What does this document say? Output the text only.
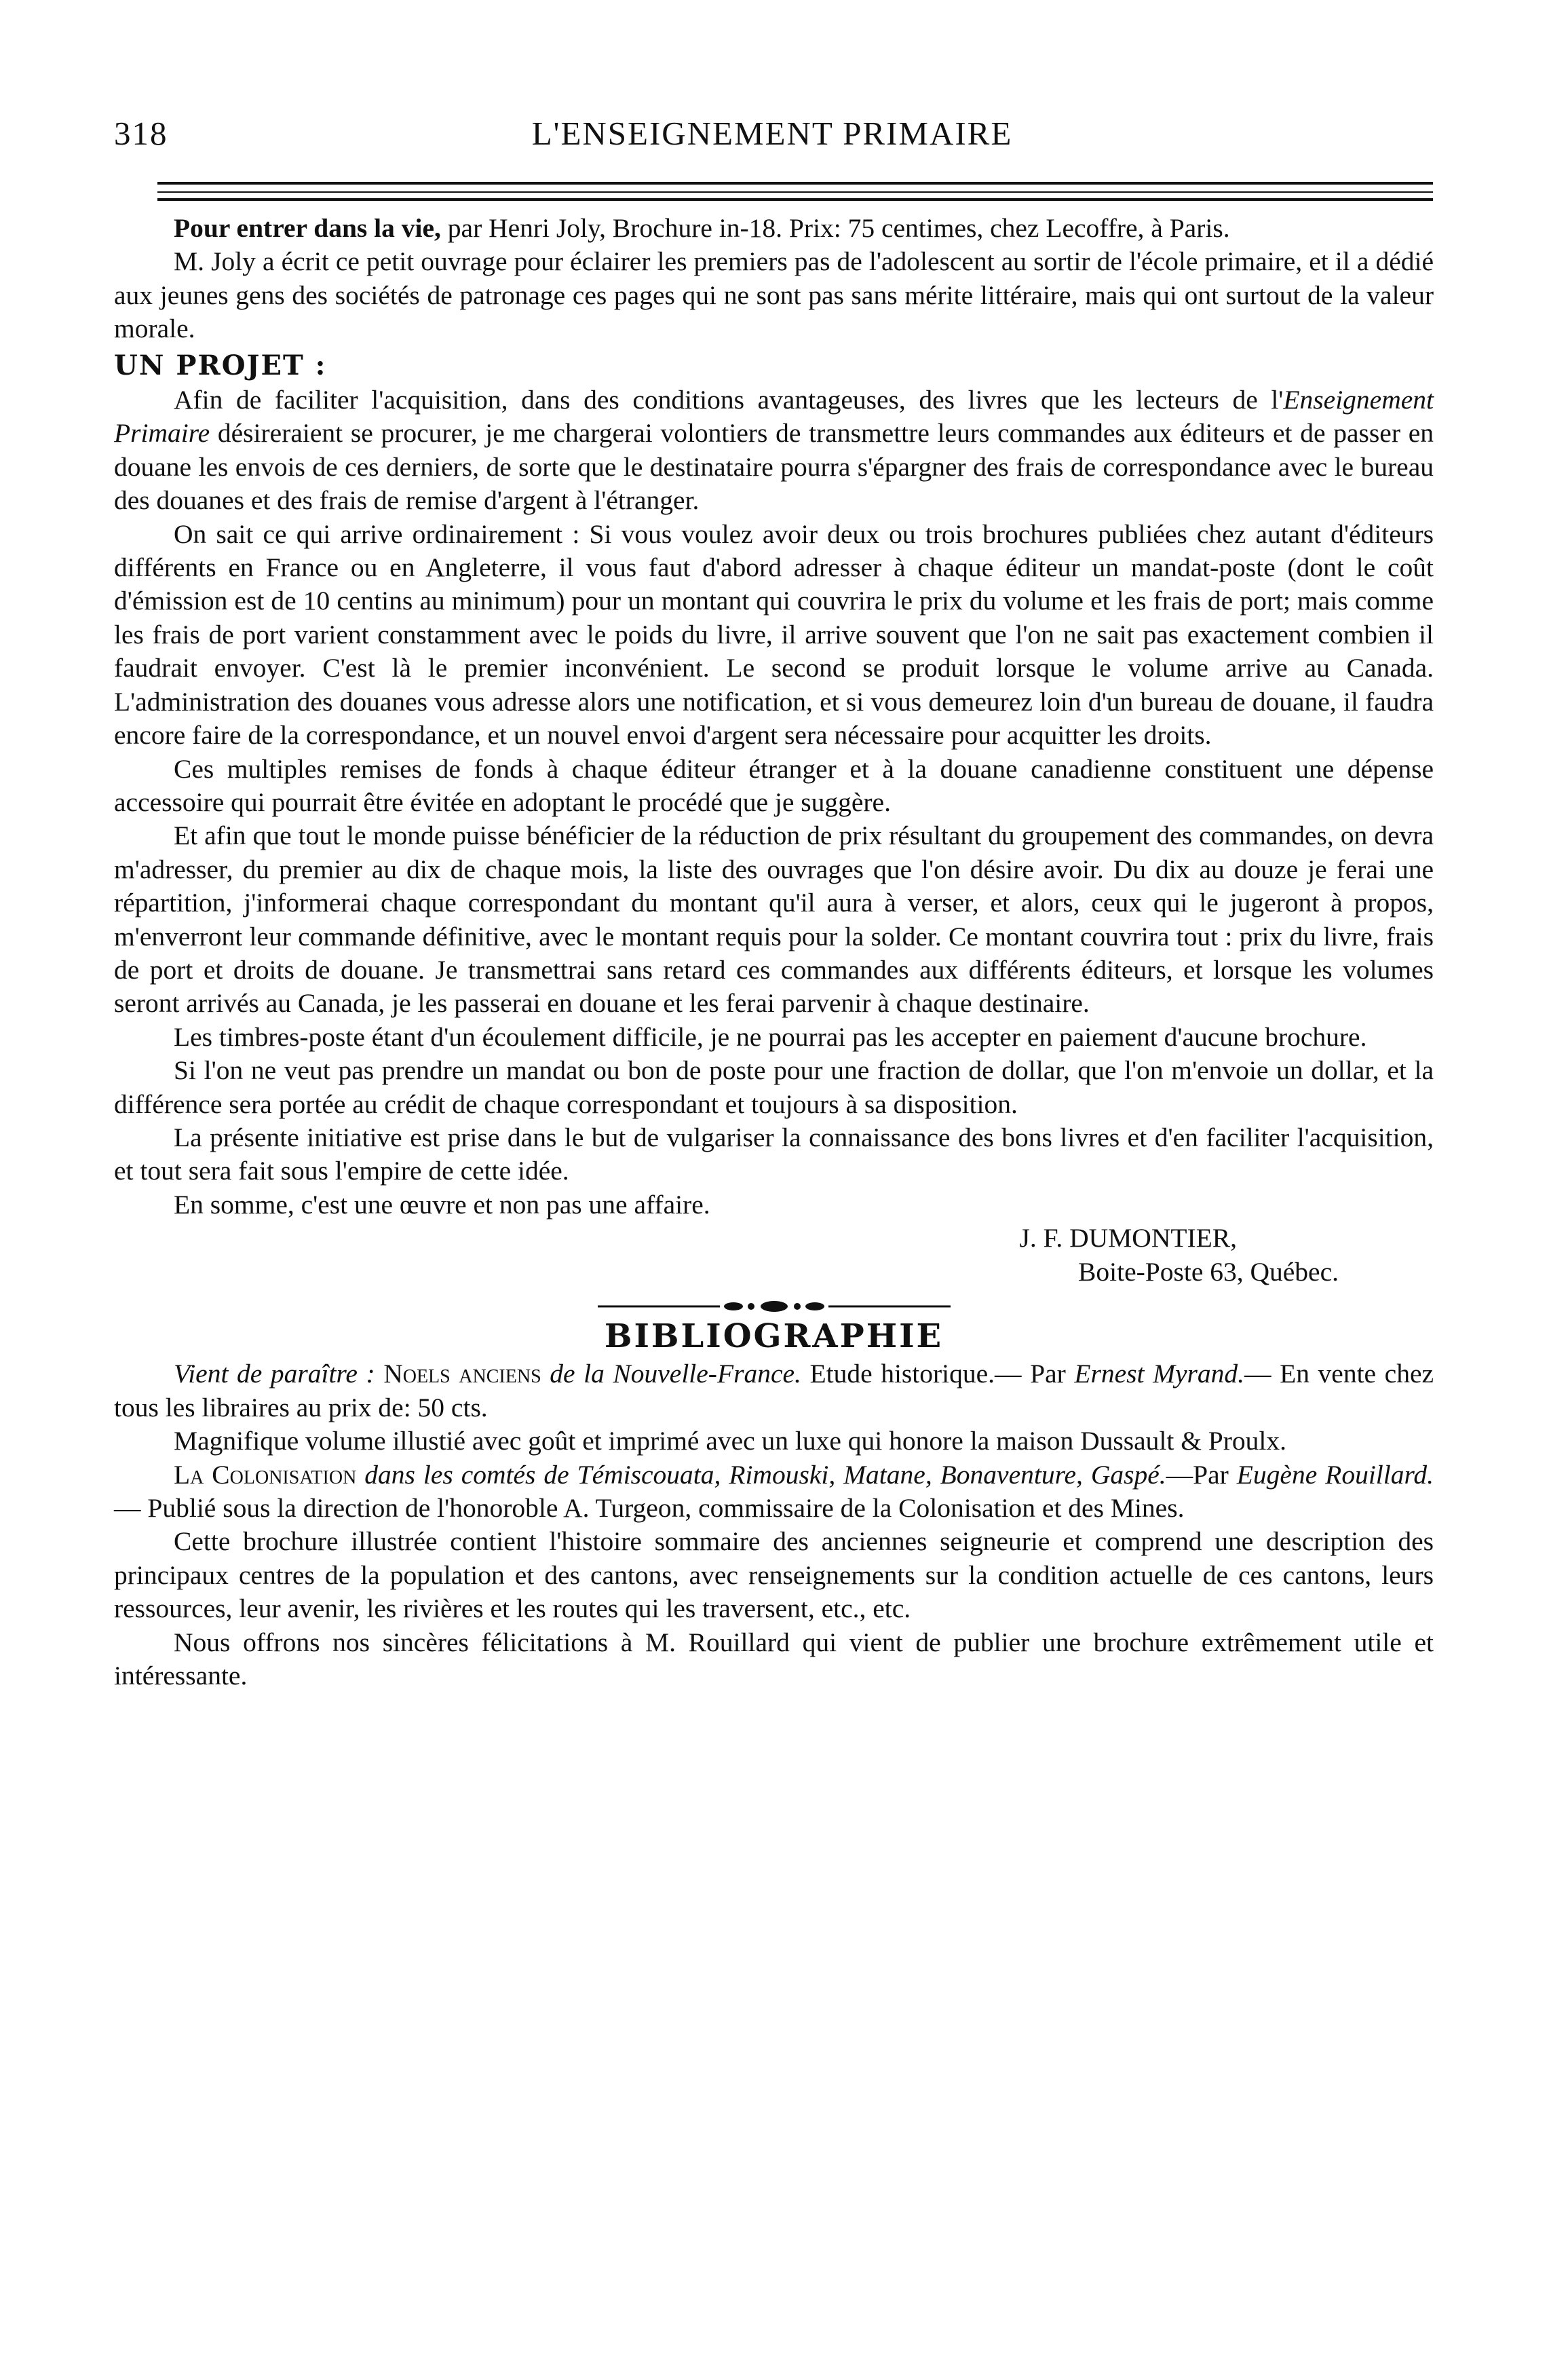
318	L'ENSEIGNEMENT PRIMAIRE

Pour entrer dans la vie, par Henri Joly, Brochure in-18. Prix: 75 centimes, chez Lecoffre, à Paris.

M. Joly a écrit ce petit ouvrage pour éclairer les premiers pas de l'adolescent au sortir de l'école primaire, et il a dédié aux jeunes gens des sociétés de patronage ces pages qui ne sont pas sans mérite littéraire, mais qui ont surtout de la valeur morale.

UN PROJET :

Afin de faciliter l'acquisition, dans des conditions avantageuses, des livres que les lecteurs de l'Enseignement Primaire désireraient se procurer, je me chargerai volontiers de transmettre leurs commandes aux éditeurs et de passer en douane les envois de ces derniers, de sorte que le destinataire pourra s'épargner des frais de correspondance avec le bureau des douanes et des frais de remise d'argent à l'étranger.

On sait ce qui arrive ordinairement : Si vous voulez avoir deux ou trois brochures publiées chez autant d'éditeurs différents en France ou en Angleterre, il vous faut d'abord adresser à chaque éditeur un mandat-poste (dont le coût d'émission est de 10 centins au minimum) pour un montant qui couvrira le prix du volume et les frais de port; mais comme les frais de port varient constamment avec le poids du livre, il arrive souvent que l'on ne sait pas exactement combien il faudrait envoyer. C'est là le premier inconvénient. Le second se produit lorsque le volume arrive au Canada. L'administration des douanes vous adresse alors une notification, et si vous demeurez loin d'un bureau de douane, il faudra encore faire de la correspondance, et un nouvel envoi d'argent sera nécessaire pour acquitter les droits.

Ces multiples remises de fonds à chaque éditeur étranger et à la douane canadienne constituent une dépense accessoire qui pourrait être évitée en adoptant le procédé que je suggère.

Et afin que tout le monde puisse bénéficier de la réduction de prix résultant du groupement des commandes, on devra m'adresser, du premier au dix de chaque mois, la liste des ouvrages que l'on désire avoir. Du dix au douze je ferai une répartition, j'informerai chaque correspondant du montant qu'il aura à verser, et alors, ceux qui le jugeront à propos, m'enverront leur commande définitive, avec le montant requis pour la solder. Ce montant couvrira tout : prix du livre, frais de port et droits de douane. Je transmettrai sans retard ces commandes aux différents éditeurs, et lorsque les volumes seront arrivés au Canada, je les passerai en douane et les ferai parvenir à chaque destinaire.

Les timbres-poste étant d'un écoulement difficile, je ne pourrai pas les accepter en paiement d'aucune brochure.

Si l'on ne veut pas prendre un mandat ou bon de poste pour une fraction de dollar, que l'on m'envoie un dollar, et la différence sera portée au crédit de chaque correspondant et toujours à sa disposition.

La présente initiative est prise dans le but de vulgariser la connaissance des bons livres et d'en faciliter l'acquisition, et tout sera fait sous l'empire de cette idée.

En somme, c'est une œuvre et non pas une affaire.

J. F. DUMONTIER,

Boite-Poste 63, Québec.

BIBLIOGRAPHIE

Vient de paraître : Noels anciens de la Nouvelle-France. Etude historique.— Par Ernest Myrand.— En vente chez tous les libraires au prix de: 50 cts.

Magnifique volume illustié avec goût et imprimé avec un luxe qui honore la maison Dussault & Proulx.

La Colonisation dans les comtés de Témiscouata, Rimouski, Matane, Bonaventure, Gaspé.—Par Eugène Rouillard.— Publié sous la direction de l'honoroble A. Turgeon, commissaire de la Colonisation et des Mines.

Cette brochure illustrée contient l'histoire sommaire des anciennes seigneurie et comprend une description des principaux centres de la population et des cantons, avec renseignements sur la condition actuelle de ces cantons, leurs ressources, leur avenir, les rivières et les routes qui les traversent, etc., etc.

Nous offrons nos sincères félicitations à M. Rouillard qui vient de publier une brochure extrêmement utile et intéressante.
